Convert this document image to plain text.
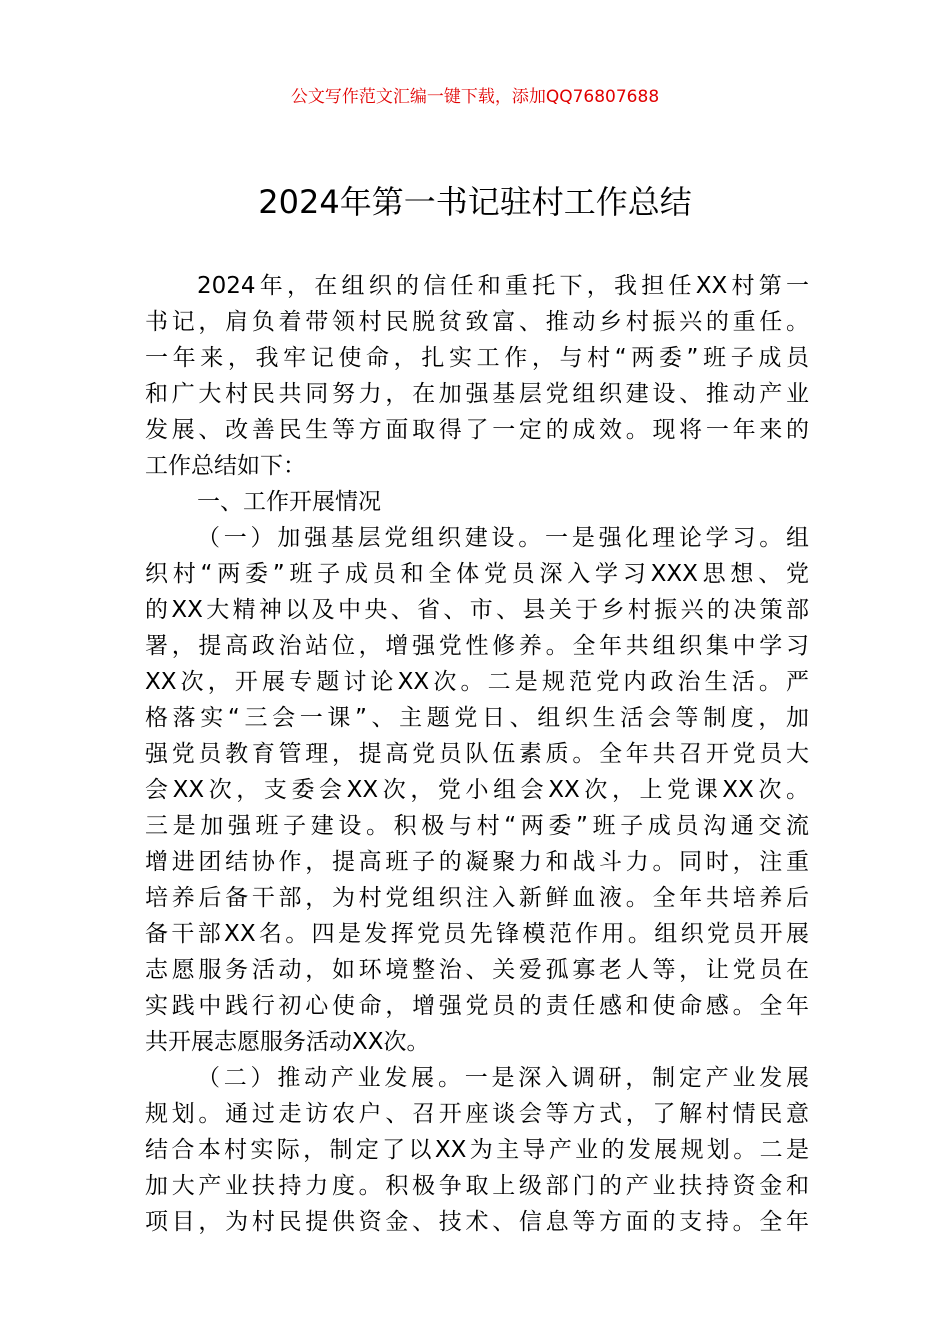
公文写作范文汇编一键下载，添加QQ76807688
2024年第一书记驻村工作总结
2024年，在组织的信任和重托下，我担任XX村第一
书记，肩负着带领村民脱贫致富、推动乡村振兴的重任。
一年来，我牢记使命，扎实工作，与村“两委”班子成员
和广大村民共同努力，在加强基层党组织建设、推动产业
发展、改善民生等方面取得了一定的成效。现将一年来的
工作总结如下：
一、工作开展情况
（一）加强基层党组织建设。一是强化理论学习。组
织村“两委”班子成员和全体党员深入学习XXX思想、党
的XX大精神以及中央、省、市、县关于乡村振兴的决策部
署，提高政治站位，增强党性修养。全年共组织集中学习
XX次，开展专题讨论XX次。二是规范党内政治生活。严
格落实“三会一课”、主题党日、组织生活会等制度，加
强党员教育管理，提高党员队伍素质。全年共召开党员大
会XX次，支委会XX次，党小组会XX次，上党课XX次。
三是加强班子建设。积极与村“两委”班子成员沟通交流
增进团结协作，提高班子的凝聚力和战斗力。同时，注重
培养后备干部，为村党组织注入新鲜血液。全年共培养后
备干部XX名。四是发挥党员先锋模范作用。组织党员开展
志愿服务活动，如环境整治、关爱孤寡老人等，让党员在
实践中践行初心使命，增强党员的责任感和使命感。全年
共开展志愿服务活动XX次。
（二）推动产业发展。一是深入调研，制定产业发展
规划。通过走访农户、召开座谈会等方式，了解村情民意
结合本村实际，制定了以XX为主导产业的发展规划。二是
加大产业扶持力度。积极争取上级部门的产业扶持资金和
项目，为村民提供资金、技术、信息等方面的支持。全年
